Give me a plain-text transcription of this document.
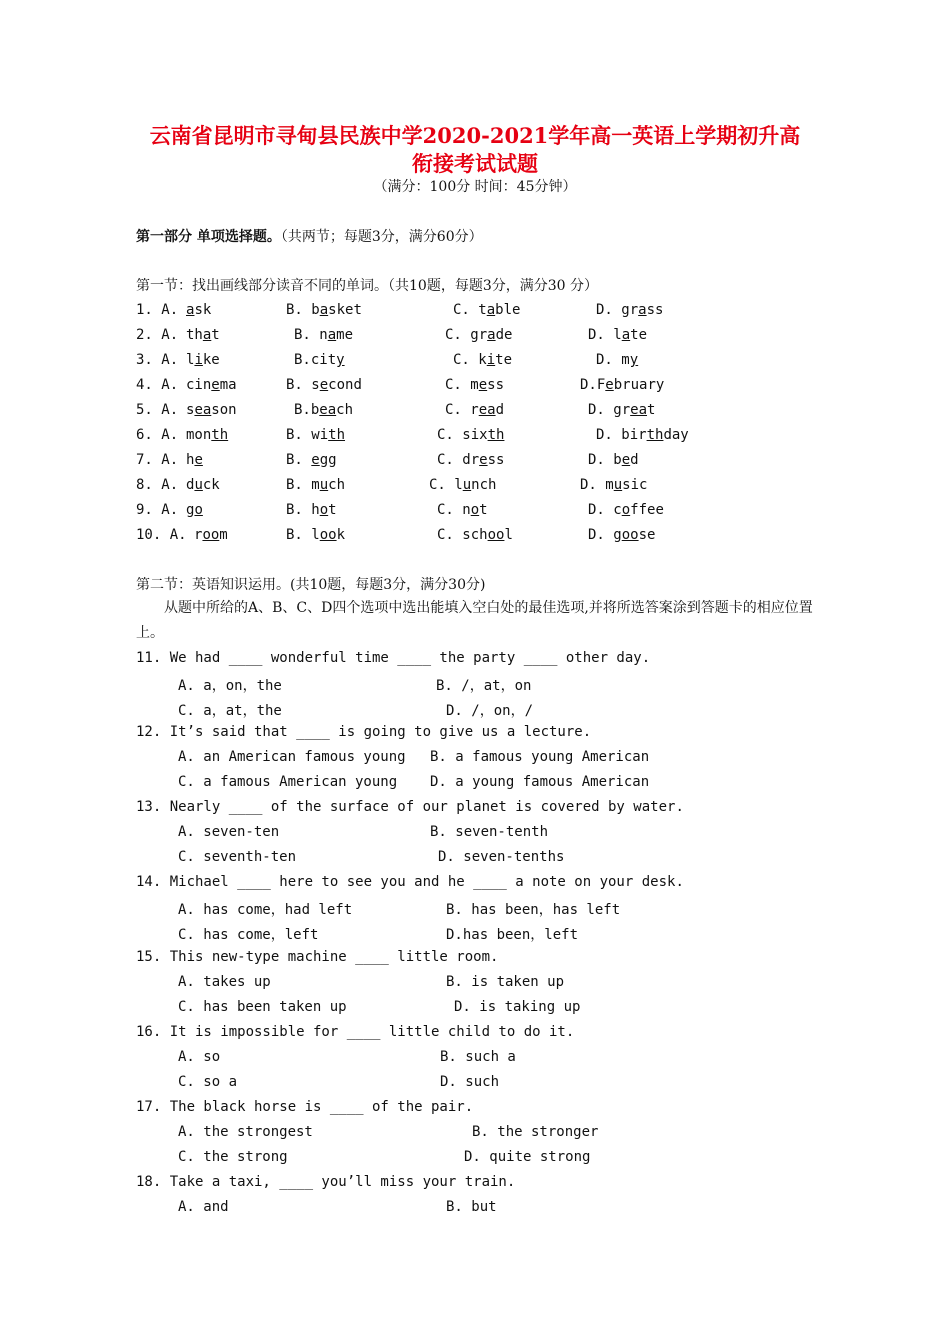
云南省昆明市寻甸县民族中学2020-2021学年高一英语上学期初升高
衔接考试试题
（满分：100分 时间：45分钟）
第一部分 单项选择题。（共两节；每题3分，满分60分）
第一节：找出画线部分读音不同的单词。（共10题，每题3分，满分30 分）
1. A. ask	B. basket	C. table	D. grass
2. A. that	B. name	C. grade	D. late
3. A. like	B.city	C. kite	D. my
4. A. cinema	B. second	C. mess	D.February
5. A. season	B.beach	C. read	D. great
6. A. month	B. with	C. sixth	D. birthday
7. A. he	B. egg	C. dress	D. bed
8. A. duck	B. much	C. lunch	D. music
9. A. go	B. hot	C. not	D. coffee
10. A. room	B. look	C. school	D. goose
第二节：英语知识运用。(共10题，每题3分，满分30分)
从题中所给的A、B、C、D四个选项中选出能填入空白处的最佳选项,并将所选答案涂到答题卡的相应位置上。
11. We had ____ wonderful time ____ the party ____ other day.
A. a，on，the	B. /，at，on
C. a，at，the	D. /，on，/
12. It’s said that ____ is going to give us a lecture.
A. an American famous young B. a famous young American
C. a famous American young D. a young famous American
13. Nearly ____ of the surface of our planet is covered by water.
A. seven-ten	B. seven-tenth
C. seventh-ten	D. seven-tenths
14. Michael ____ here to see you and he ____ a note on your desk.
A. has come，had left	B. has been，has left
C. has come，left	D.has been，left
15. This new-type machine ____ little room.
A. takes up	B. is taken up
C. has been taken up	D. is taking up
16. It is impossible for ____ little child to do it.
A. so	B. such a
C. so a	D. such
17. The black horse is ____ of the pair.
A. the strongest	B. the stronger
C. the strong	D. quite strong
18. Take a taxi, ____ you’ll miss your train.
A. and	B. but
